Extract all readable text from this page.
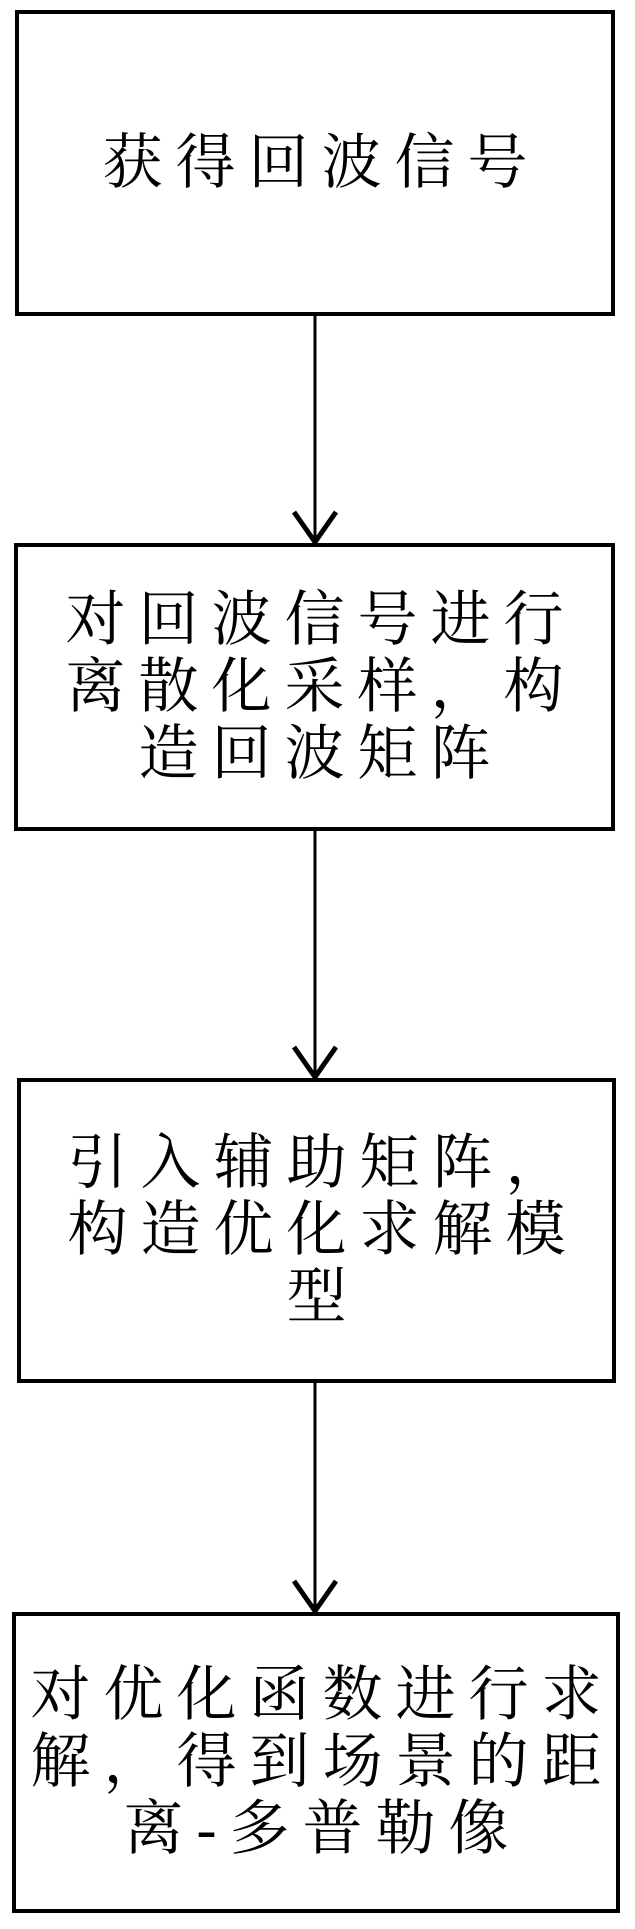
获得回波信号
对回波信号进行
离散化采样，构
造回波矩阵
引入辅助矩阵，
构造优化求解模
型
对优化函数进行求
解，得到场景的距
离-多普勒像
